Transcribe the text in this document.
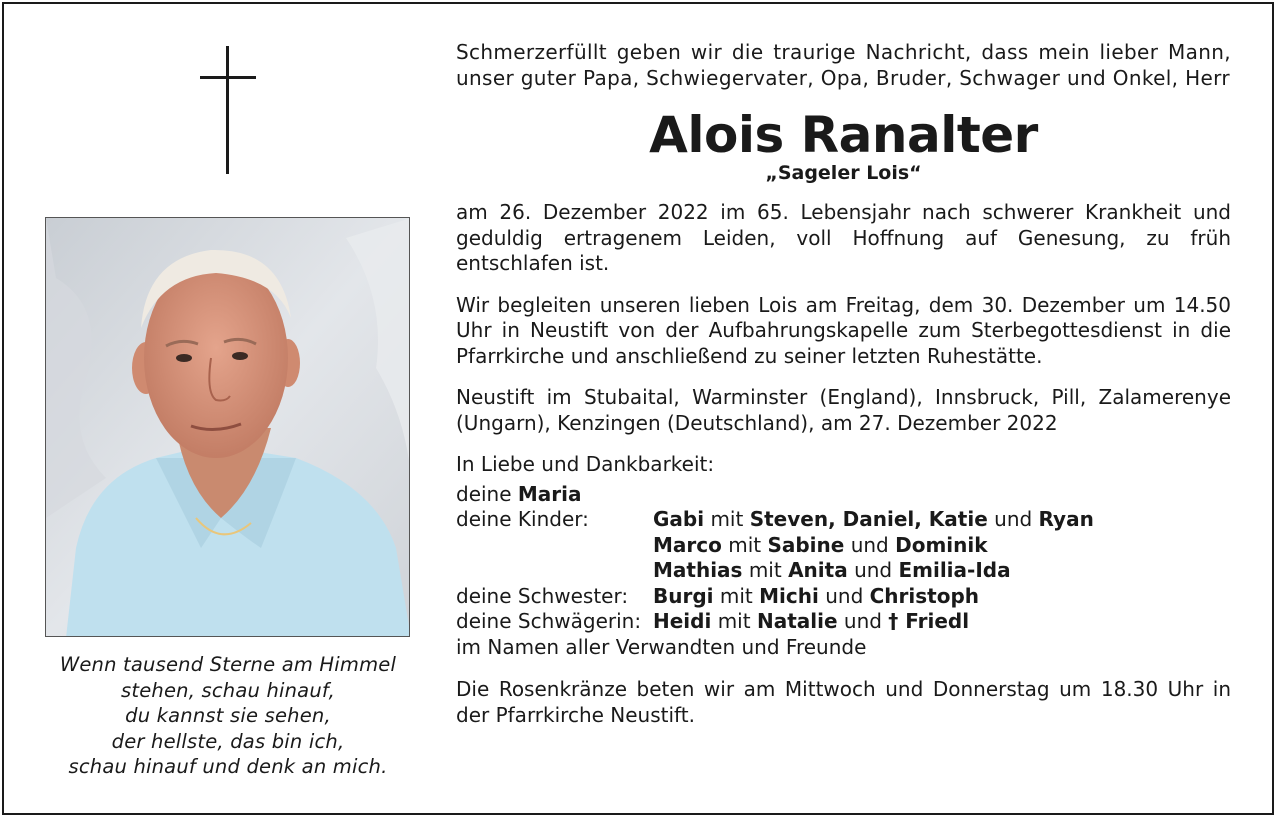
Wenn tausend Sterne am Himmel
stehen, schau hinauf,
du kannst sie sehen,
der hellste, das bin ich,
schau hinauf und denk an mich.
Schmerzerfüllt geben wir die traurige Nachricht, dass mein lieber Mann, unser guter Papa, Schwiegervater, Opa, Bruder, Schwager und Onkel, Herr
Alois Ranalter
„Sageler Lois“
am 26. Dezember 2022 im 65. Lebensjahr nach schwerer Krankheit und geduldig ertragenem Leiden, voll Hoffnung auf Genesung, zu früh entschlafen ist.
Wir begleiten unseren lieben Lois am Freitag, dem 30. Dezember um 14.50 Uhr in Neustift von der Aufbahrungskapelle zum Sterbegottesdienst in die Pfarrkirche und anschließend zu seiner letzten Ruhestätte.
Neustift im Stubaital, Warminster (England), Innsbruck, Pill, Zalamerenye (Ungarn), Kenzingen (Deutschland), am 27. Dezember 2022
In Liebe und Dankbarkeit:
deine
Maria
deine Kinder:	Gabi mit Steven, Daniel, Katie und Ryan
Marco mit Sabine und Dominik
Mathias mit Anita und Emilia-Ida
deine Schwester:	Burgi mit Michi und Christoph
deine Schwägerin: Heidi mit Natalie und † Friedl
im Namen aller Verwandten und Freunde
Die Rosenkränze beten wir am Mittwoch und Donnerstag um 18.30 Uhr in der Pfarrkirche Neustift.
